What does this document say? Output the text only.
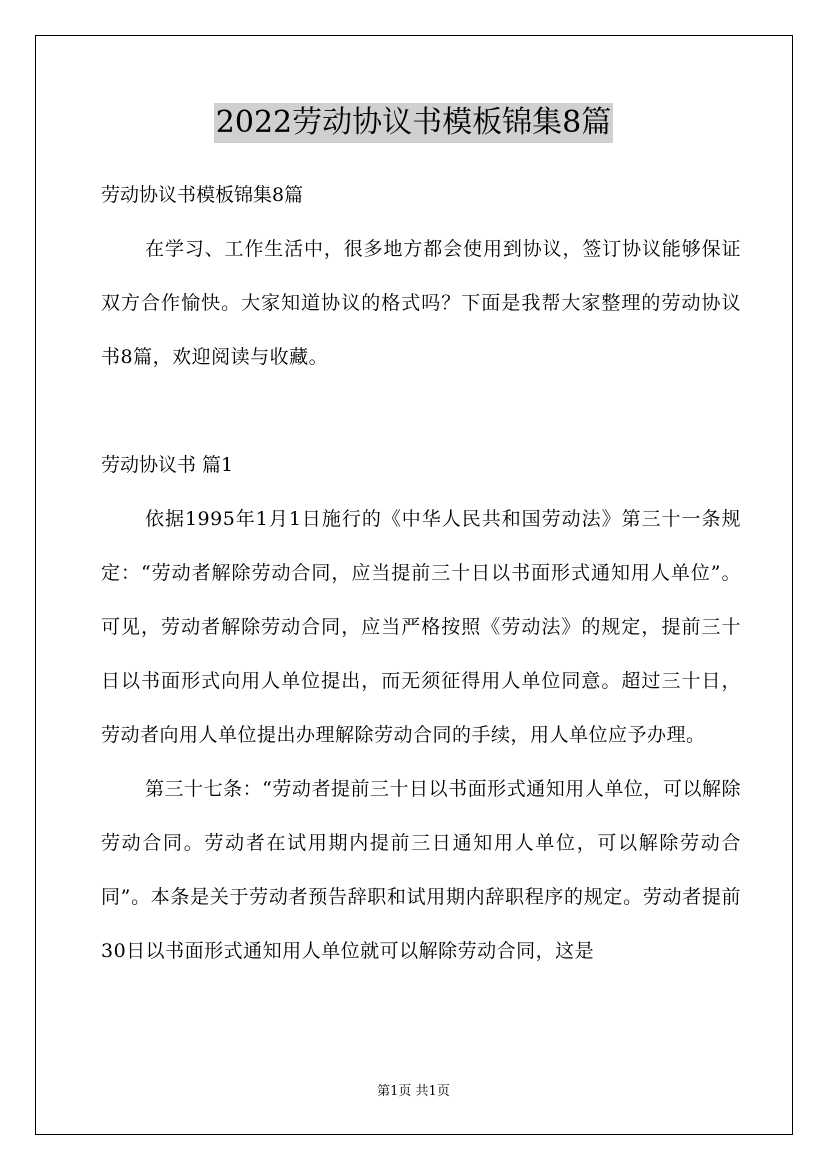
2022劳动协议书模板锦集8篇

劳动协议书模板锦集8篇

在学习、工作生活中，很多地方都会使用到协议，签订协议能够保证双方合作愉快。大家知道协议的格式吗？下面是我帮大家整理的劳动协议书8篇，欢迎阅读与收藏。

劳动协议书 篇1

依据1995年1月1日施行的《中华人民共和国劳动法》第三十一条规定：“劳动者解除劳动合同，应当提前三十日以书面形式通知用人单位”。可见，劳动者解除劳动合同，应当严格按照《劳动法》的规定，提前三十日以书面形式向用人单位提出，而无须征得用人单位同意。超过三十日，劳动者向用人单位提出办理解除劳动合同的手续，用人单位应予办理。

第三十七条：“劳动者提前三十日以书面形式通知用人单位，可以解除劳动合同。劳动者在试用期内提前三日通知用人单位，可以解除劳动合同”。本条是关于劳动者预告辞职和试用期内辞职程序的规定。劳动者提前30日以书面形式通知用人单位就可以解除劳动合同，这是

第1页 共1页
